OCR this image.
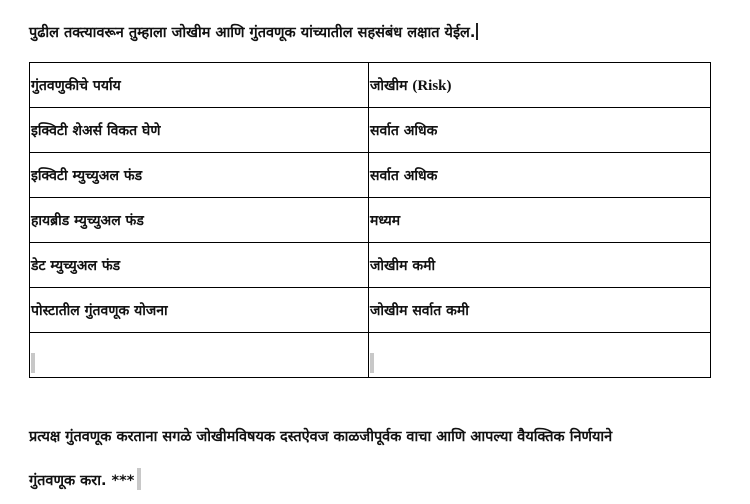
पुढील तक्त्यावरून तुम्हाला जोखीम आणि गुंतवणूक यांच्यातील सहसंबंध लक्षात येईल.
गुंतवणुकीचे पर्याय	जोखीम (Risk)
इक्विटी शेअर्स विकत घेणे	सर्वात अधिक
इक्विटी म्युच्युअल फंड	सर्वात अधिक
हायब्रीड म्युच्युअल फंड	मध्यम
डेट म्युच्युअल फंड	जोखीम कमी
पोस्टातील गुंतवणूक योजना	जोखीम सर्वात कमी

प्रत्यक्ष गुंतवणूक करताना सगळे जोखीमविषयक दस्तऐवज काळजीपूर्वक वाचा आणि आपल्या वैयक्तिक निर्णयाने
गुंतवणूक करा. ***
